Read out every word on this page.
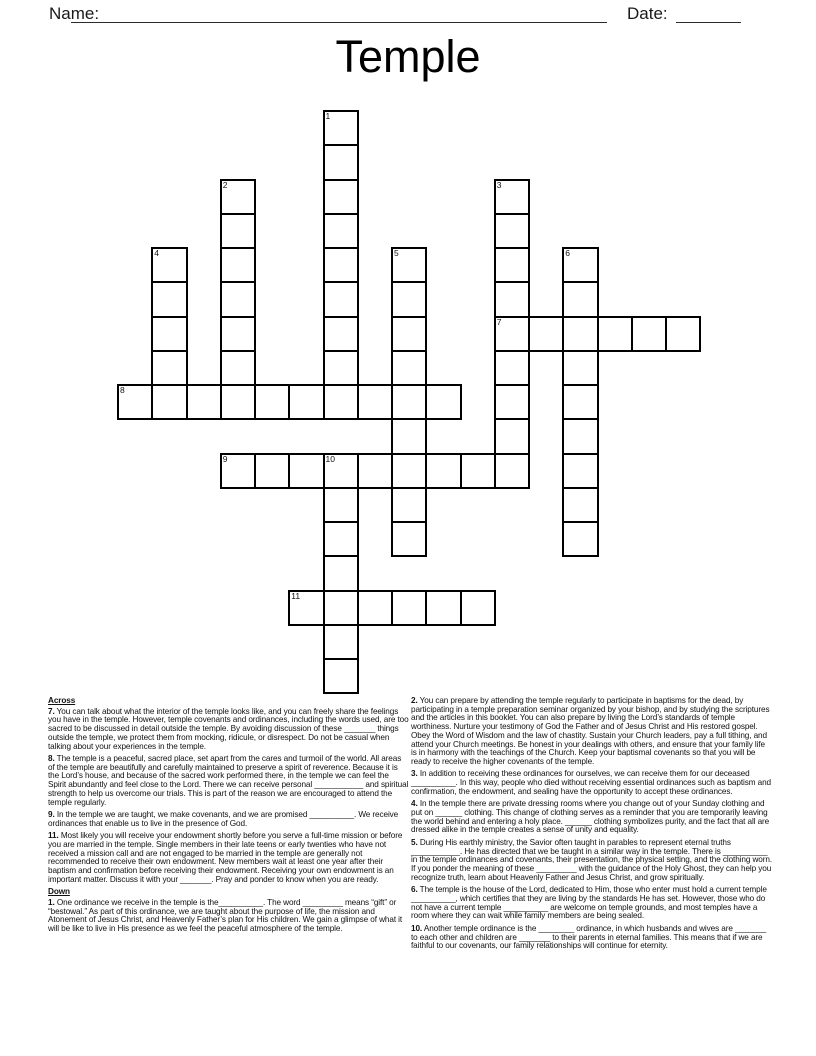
Name:	Date:
Temple
1
2	3
7
4	5	6
8
9	10
11
Across
7. You can talk about what the interior of the temple looks like, and you can freely share the feelings you have in the temple. However, temple covenants and ordinances, including the words used, are too sacred to be discussed in detail outside the temple. By avoiding discussion of these _______ things outside the temple, we protect them from mocking, ridicule, or disrespect. Do not be casual when talking about your experiences in the temple.
8. The temple is a peaceful, sacred place, set apart from the cares and turmoil of the world. All areas of the temple are beautifully and carefully maintained to preserve a spirit of reverence. Because it is the Lord’s house, and because of the sacred work performed there, in the temple we can feel the Spirit abundantly and feel close to the Lord. There we can receive personal ___________ and spiritual strength to help us overcome our trials. This is part of the reason we are encouraged to attend the temple regularly.
9. In the temple we are taught, we make covenants, and we are promised __________. We receive ordinances that enable us to live in the presence of God.
11. Most likely you will receive your endowment shortly before you serve a full-time mission or before you are married in the temple. Single members in their late teens or early twenties who have not received a mission call and are not engaged to be married in the temple are generally not recommended to receive their own endowment. New members wait at least one year after their baptism and confirmation before receiving their endowment. Receiving your own endowment is an important matter. Discuss it with your _______. Pray and ponder to know when you are ready.
Down
1. One ordinance we receive in the temple is the__________. The word _________ means “gift” or “bestowal.” As part of this ordinance, we are taught about the purpose of life, the mission and Atonement of Jesus Christ, and Heavenly Father’s plan for His children. We gain a glimpse of what it will be like to live in His presence as we feel the peaceful atmosphere of the temple.
2. You can prepare by attending the temple regularly to participate in baptisms for the dead, by participating in a temple preparation seminar organized by your bishop, and by studying the scriptures and the articles in this booklet. You can also prepare by living the Lord’s standards of temple worthiness. Nurture your testimony of God the Father and of Jesus Christ and His restored gospel. Obey the Word of Wisdom and the law of chastity. Sustain your Church leaders, pay a full tithing, and attend your Church meetings. Be honest in your dealings with others, and ensure that your family life is in harmony with the teachings of the Church. Keep your baptismal covenants so that you will be ready to receive the higher covenants of the temple.
3. In addition to receiving these ordinances for ourselves, we can receive them for our deceased __________. In this way, people who died without receiving essential ordinances such as baptism and confirmation, the endowment, and sealing have the opportunity to accept these ordinances.
4. In the temple there are private dressing rooms where you change out of your Sunday clothing and put on ______ clothing. This change of clothing serves as a reminder that you are temporarily leaving the world behind and entering a holy place. ______ clothing symbolizes purity, and the fact that all are dressed alike in the temple creates a sense of unity and equality.
5. During His earthly ministry, the Savior often taught in parables to represent eternal truths ___________. He has directed that we be taught in a similar way in the temple. There is __________ in the temple ordinances and covenants, their presentation, the physical setting, and the clothing worn. If you ponder the meaning of these _________ with the guidance of the Holy Ghost, they can help you recognize truth, learn about Heavenly Father and Jesus Christ, and grow spiritually.
6. The temple is the house of the Lord, dedicated to Him, those who enter must hold a current temple __________, which certifies that they are living by the standards He has set. However, those who do not have a current temple __________ are welcome on temple grounds, and most temples have a room where they can wait while family members are being sealed.
10. Another temple ordinance is the ________ ordinance, in which husbands and wives are _______ to each other and children are _______ to their parents in eternal families. This means that if we are faithful to our covenants, our family relationships will continue for eternity.
